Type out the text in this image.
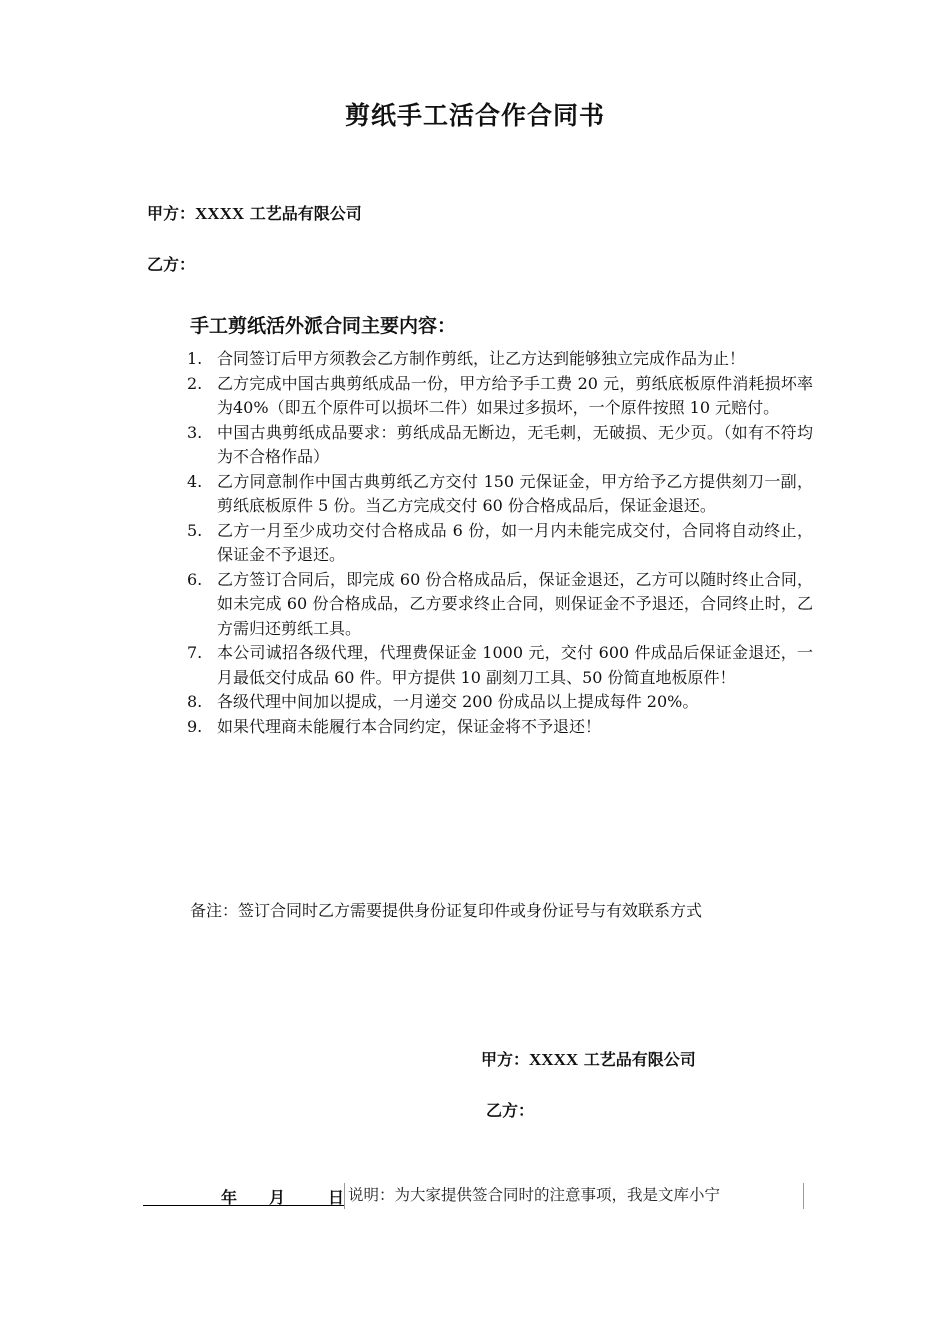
剪纸手工活合作合同书
甲方：XXXX 工艺品有限公司
乙方：
手工剪纸活外派合同主要内容：
1. 合同签订后甲方须教会乙方制作剪纸，让乙方达到能够独立完成作品为止！
2. 乙方完成中国古典剪纸成品一份，甲方给予手工费 20 元，剪纸底板原件消耗损坏率为40%（即五个原件可以损坏二件）如果过多损坏，一个原件按照 10 元赔付。
3. 中国古典剪纸成品要求：剪纸成品无断边，无毛刺，无破损、无少页。（如有不符均为不合格作品）
4. 乙方同意制作中国古典剪纸乙方交付 150 元保证金，甲方给予乙方提供刻刀一副，剪纸底板原件 5 份。当乙方完成交付 60 份合格成品后，保证金退还。
5. 乙方一月至少成功交付合格成品 6 份，如一月内未能完成交付，合同将自动终止，保证金不予退还。
6. 乙方签订合同后，即完成 60 份合格成品后，保证金退还，乙方可以随时终止合同，如未完成 60 份合格成品，乙方要求终止合同，则保证金不予退还，合同终止时，乙方需归还剪纸工具。
7. 本公司诚招各级代理，代理费保证金 1000 元，交付 600 件成品后保证金退还，一月最低交付成品 60 件。甲方提供 10 副刻刀工具、50 份简直地板原件！
8. 各级代理中间加以提成，一月递交 200 份成品以上提成每件 20%。
9. 如果代理商未能履行本合同约定，保证金将不予退还！
备注：签订合同时乙方需要提供身份证复印件或身份证号与有效联系方式
甲方：XXXX 工艺品有限公司
乙方：
年 月	日 说明：为大家提供签合同时的注意事项，我是文库小宁
